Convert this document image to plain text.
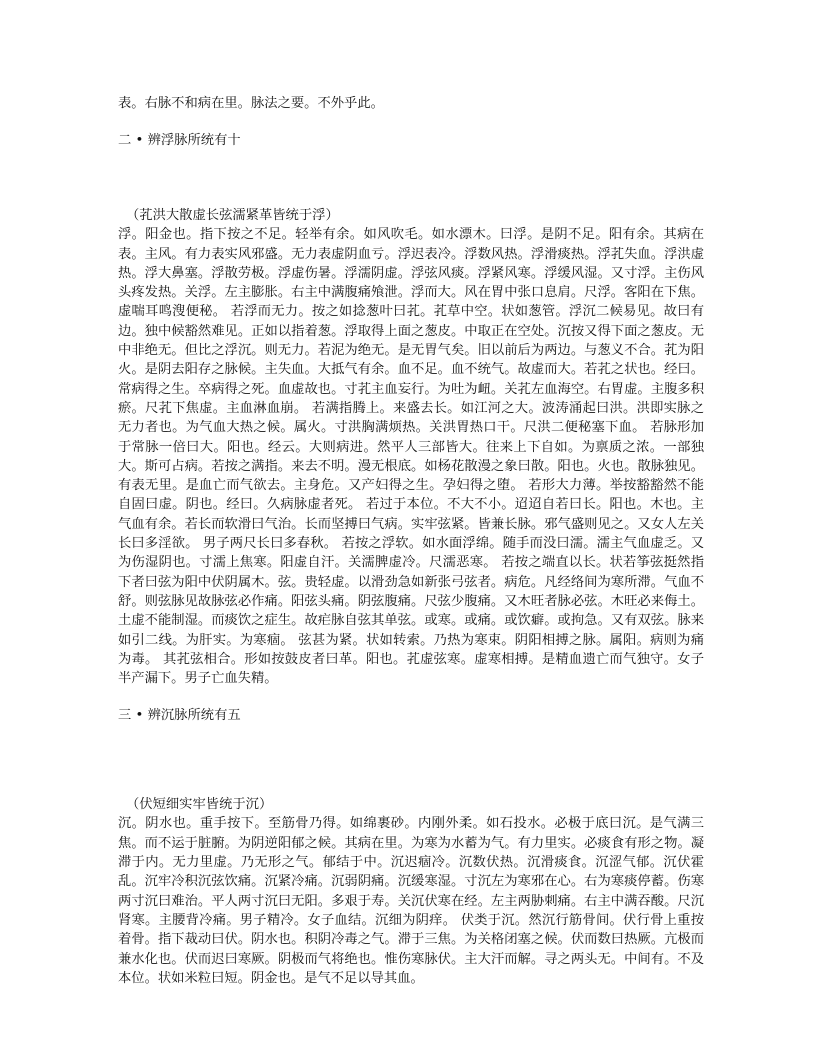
表。右脉不和病在里。脉法之要。不外乎此。

二 • 辨浮脉所统有十

（芤洪大散虚长弦濡紧革皆统于浮）

浮。阳金也。指下按之不足。轻举有余。如风吹毛。如水漂木。曰浮。是阴不足。阳有余。其病在表。主风。有力表实风邪盛。无力表虚阴血亏。浮迟表冷。浮数风热。浮滑痰热。浮芤失血。浮洪虚热。浮大鼻塞。浮散劳极。浮虚伤暑。浮濡阴虚。浮弦风痰。浮紧风寒。浮缓风湿。又寸浮。主伤风头疼发热。关浮。左主膨胀。右主中满腹痛飧泄。浮而大。风在胃中张口息肩。尺浮。客阳在下焦。虚喘耳鸣溲便秘。 若浮而无力。按之如捻葱叶曰芤。芤草中空。状如葱管。浮沉二候易见。故曰有边。独中候豁然难见。正如以指着葱。浮取得上面之葱皮。中取正在空处。沉按又得下面之葱皮。无中非绝无。但比之浮沉。则无力。若泥为绝无。是无胃气矣。旧以前后为两边。与葱义不合。芤为阳火。是阴去阳存之脉候。主失血。大抵气有余。血不足。血不统气。故虚而大。若芤之状也。经曰。常病得之生。卒病得之死。血虚故也。寸芤主血妄行。为吐为衄。关芤左血海空。右胃虚。主腹多积瘀。尺芤下焦虚。主血淋血崩。 若满指腾上。来盛去长。如江河之大。波涛涌起曰洪。洪即实脉之无力者也。为气血大热之候。属火。寸洪胸满烦热。关洪胃热口干。尺洪二便秘塞下血。 若脉形加于常脉一倍曰大。阳也。经云。大则病进。然平人三部皆大。往来上下自如。为禀质之浓。一部独大。斯可占病。若按之满指。来去不明。漫无根底。如杨花散漫之象曰散。阳也。火也。散脉独见。有表无里。是血亡而气欲去。主身危。又产妇得之生。孕妇得之堕。 若形大力薄。举按豁豁然不能自固曰虚。阴也。经曰。久病脉虚者死。 若过于本位。不大不小。迢迢自若曰长。阳也。木也。主气血有余。若长而软滑曰气治。长而坚搏曰气病。实牢弦紧。皆兼长脉。邪气盛则见之。又女人左关长曰多淫欲。 男子两尺长曰多春秋。 若按之浮软。如水面浮绵。随手而没曰濡。濡主气血虚乏。又为伤湿阴也。寸濡上焦寒。阳虚自汗。关濡脾虚冷。尺濡恶寒。 若按之端直以长。状若筝弦挺然指下者曰弦为阳中伏阴属木。弦。贵轻虚。以滑劲急如新张弓弦者。病危。凡经络间为寒所滞。气血不舒。则弦脉见故脉弦必作痛。阳弦头痛。阴弦腹痛。尺弦少腹痛。又木旺者脉必弦。木旺必来侮土。土虚不能制湿。而痰饮之症生。故疟脉自弦其单弦。或寒。或痛。或饮癖。或拘急。又有双弦。脉来如引二线。为肝实。为寒痼。 弦甚为紧。状如转索。乃热为寒束。阴阳相搏之脉。属阳。病则为痛为毒。 其芤弦相合。形如按鼓皮者曰革。阳也。芤虚弦寒。虚寒相搏。是精血遗亡而气独守。女子半产漏下。男子亡血失精。

三 • 辨沉脉所统有五

（伏短细实牢皆统于沉）

沉。阴水也。重手按下。至筋骨乃得。如绵裹砂。内刚外柔。如石投水。必极于底曰沉。是气满三焦。而不运于脏腑。为阴逆阳郁之候。其病在里。为寒为水蓄为气。有力里实。必痰食有形之物。凝滞于内。无力里虚。乃无形之气。郁结于中。沉迟痼冷。沉数伏热。沉滑痰食。沉涩气郁。沉伏霍乱。沉牢冷积沉弦饮痛。沉紧冷痛。沉弱阴痛。沉缓寒湿。寸沉左为寒邪在心。右为寒痰停蓄。伤寒两寸沉曰难治。平人两寸沉曰无阳。多艰于寿。关沉伏寒在经。左主两胁刺痛。右主中满吞酸。尺沉肾寒。主腰背冷痛。男子精冷。女子血结。沉细为阴痒。 伏类于沉。然沉行筋骨间。伏行骨上重按着骨。指下裁动曰伏。阴水也。积阴冷毒之气。滞于三焦。为关格闭塞之候。伏而数曰热厥。亢极而兼水化也。伏而迟曰寒厥。阴极而气将绝也。惟伤寒脉伏。主大汗而解。寻之两头无。中间有。不及本位。状如米粒曰短。阴金也。是气不足以导其血。
